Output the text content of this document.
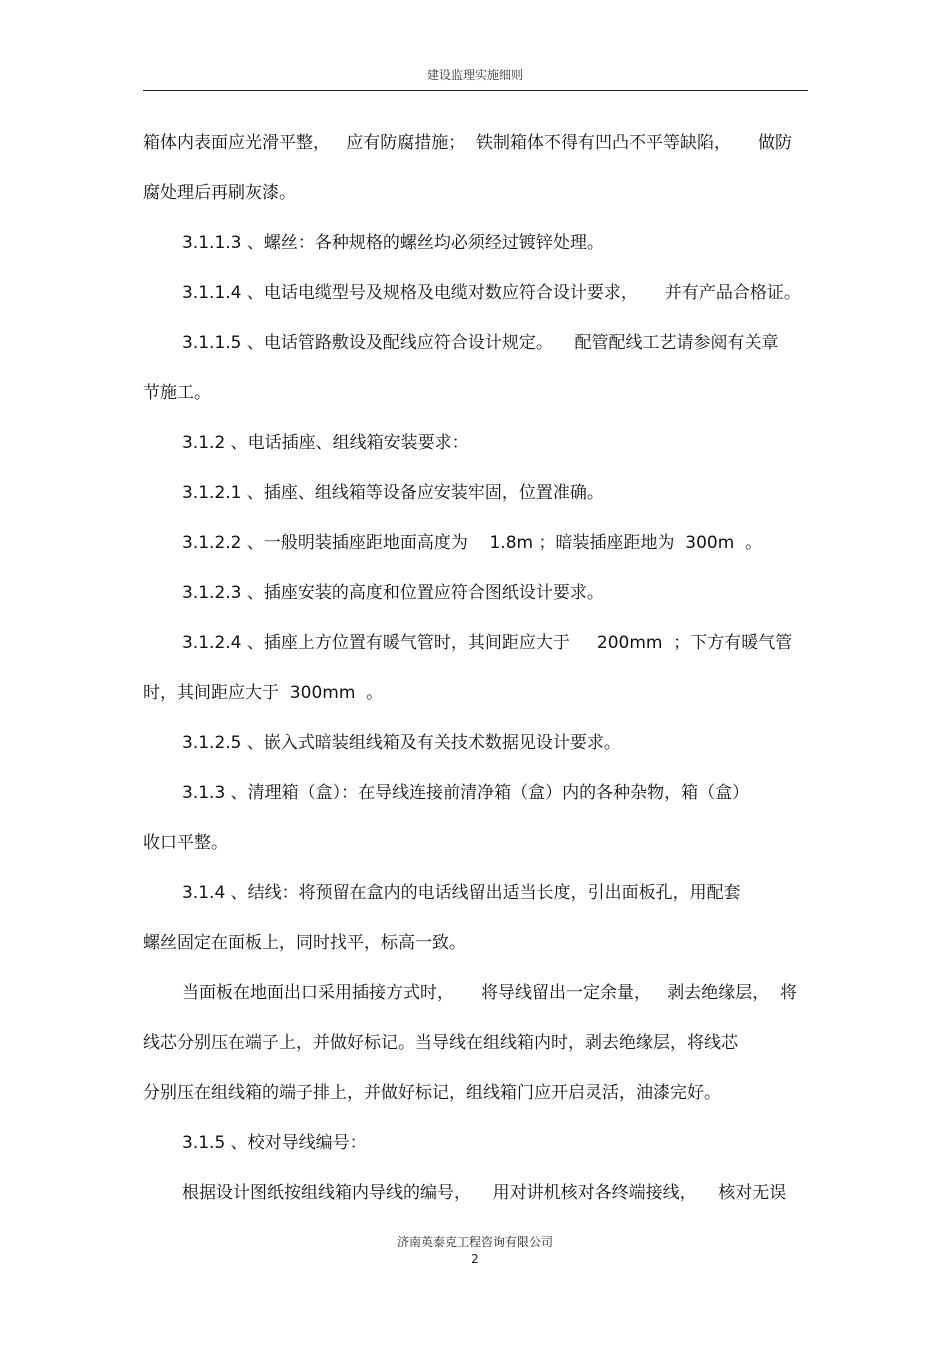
建设监理实施细则
箱体内表面应光滑平整，   应有防腐措施；  铁制箱体不得有凹凸不平等缺陷，     做防
腐处理后再刷灰漆。
3.1.1.3 、螺丝：各种规格的螺丝均必须经过镀锌处理。
3.1.1.4 、电话电缆型号及规格及电缆对数应符合设计要求，     并有产品合格证。
3.1.1.5 、电话管路敷设及配线应符合设计规定。    配管配线工艺请参阅有关章
节施工。
3.1.2 、电话插座、组线箱安装要求：
3.1.2.1 、插座、组线箱等设备应安装牢固，位置准确。
3.1.2.2 、一般明装插座距地面高度为    1.8m ；暗装插座距地为  300m  。
3.1.2.3 、插座安装的高度和位置应符合图纸设计要求。
3.1.2.4 、插座上方位置有暖气管时，其间距应大于     200mm  ；下方有暖气管
时，其间距应大于  300mm  。
3.1.2.5 、嵌入式暗装组线箱及有关技术数据见设计要求。
3.1.3 、清理箱（盒）：在导线连接前清净箱（盒）内的各种杂物，箱（盒）
收口平整。
3.1.4 、结线：将预留在盒内的电话线留出适当长度，引出面板孔，用配套
螺丝固定在面板上，同时找平，标高一致。
当面板在地面出口采用插接方式时，     将导线留出一定余量，   剥去绝缘层，  将
线芯分别压在端子上，并做好标记。当导线在组线箱内时，剥去绝缘层，将线芯
分别压在组线箱的端子排上，并做好标记，组线箱门应开启灵活，油漆完好。
3.1.5 、校对导线编号：
根据设计图纸按组线箱内导线的编号，    用对讲机核对各终端接线，    核对无误
济南英泰克工程咨询有限公司
2
